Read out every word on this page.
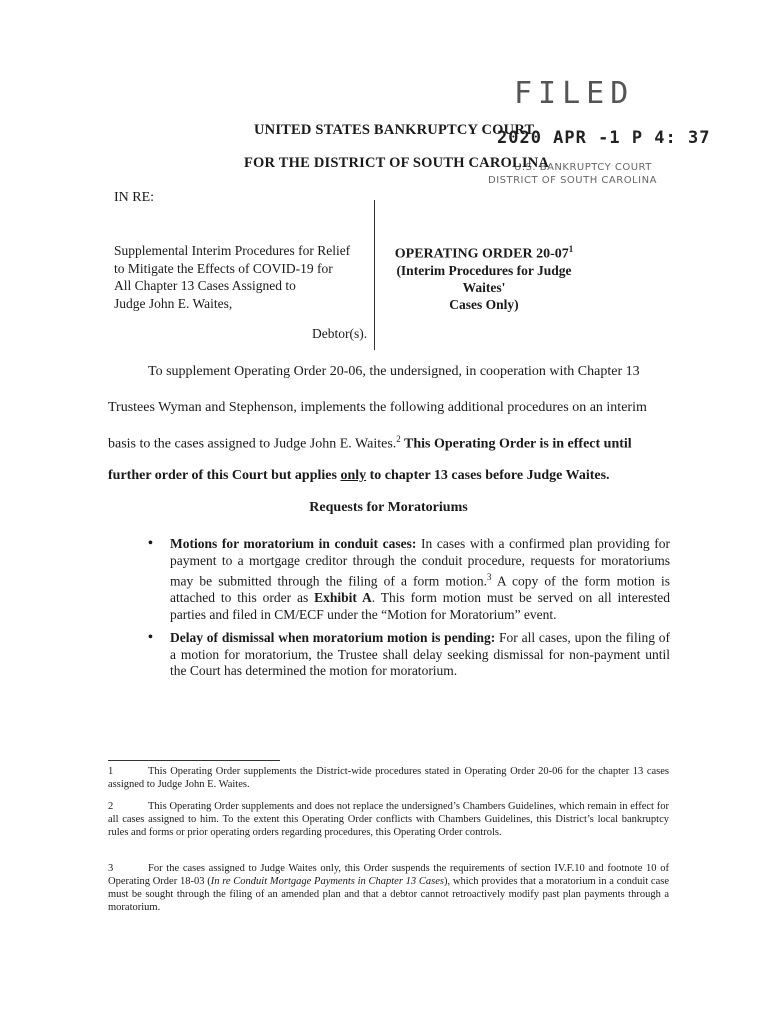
FILED
2020 APR -1 P 4: 37
U.S. BANKRUPTCY COURT
DISTRICT OF SOUTH CAROLINA
UNITED STATES BANKRUPTCY COURT
FOR THE DISTRICT OF SOUTH CAROLINA
IN RE:
Supplemental Interim Procedures for Relief
to Mitigate the Effects of COVID-19 for
All Chapter 13 Cases Assigned to
Judge John E. Waites,
Debtor(s).
OPERATING ORDER $20-07^1$
(Interim Procedures for Judge Waites'
Cases Only)
To supplement Operating Order 20-06, the undersigned, in cooperation with Chapter 13
Trustees Wyman and Stephenson, implements the following additional procedures on an interim
basis to the cases assigned to Judge John E. Waites.$^2$ This Operating Order is in effect until
further order of this Court but applies only to chapter 13 cases before Judge Waites.
Requests for Moratoriums
• Motions for moratorium in conduit cases: In cases with a confirmed plan providing for payment to a mortgage creditor through the conduit procedure, requests for moratoriums may be submitted through the filing of a form motion.$^3$ A copy of the form motion is attached to this order as Exhibit A. This form motion must be served on all interested parties and filed in CM/ECF under the “Motion for Moratorium” event.
• Delay of dismissal when moratorium motion is pending: For all cases, upon the filing of a motion for moratorium, the Trustee shall delay seeking dismissal for non-payment until the Court has determined the motion for moratorium.
1	This Operating Order supplements the District-wide procedures stated in Operating Order 20-06 for the chapter 13 cases assigned to Judge John E. Waites.
2	This Operating Order supplements and does not replace the undersigned’s Chambers Guidelines, which remain in effect for all cases assigned to him. To the extent this Operating Order conflicts with Chambers Guidelines, this District’s local bankruptcy rules and forms or prior operating orders regarding procedures, this Operating Order controls.
3	For the cases assigned to Judge Waites only, this Order suspends the requirements of section IV.F.10 and footnote 10 of Operating Order 18-03 (In re Conduit Mortgage Payments in Chapter 13 Cases), which provides that a moratorium in a conduit case must be sought through the filing of an amended plan and that a debtor cannot retroactively modify past plan payments through a moratorium.
